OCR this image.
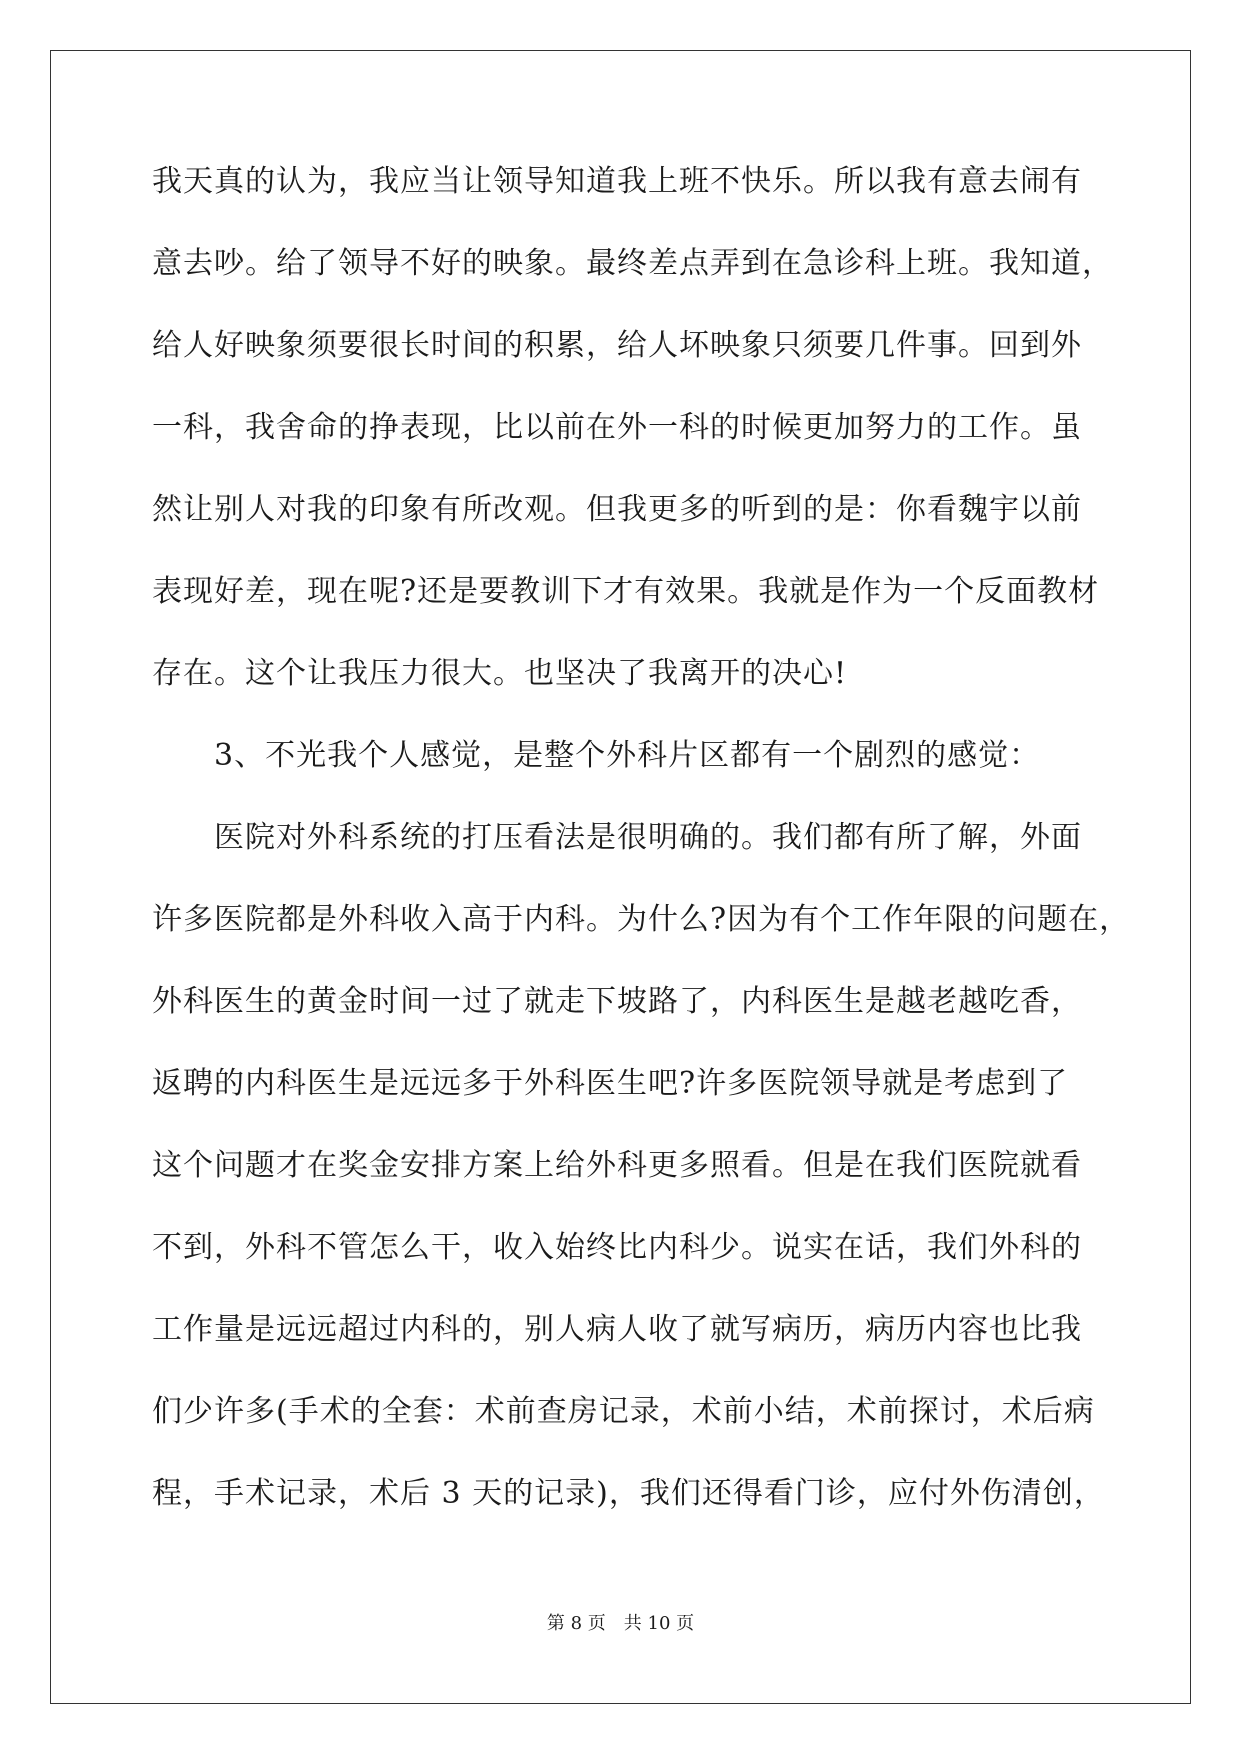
我天真的认为，我应当让领导知道我上班不快乐。所以我有意去闹有
意去吵。给了领导不好的映象。最终差点弄到在急诊科上班。我知道，
给人好映象须要很长时间的积累，给人坏映象只须要几件事。回到外
一科，我舍命的挣表现，比以前在外一科的时候更加努力的工作。虽
然让别人对我的印象有所改观。但我更多的听到的是：你看魏宇以前
表现好差，现在呢?还是要教训下才有效果。我就是作为一个反面教材
存在。这个让我压力很大。也坚决了我离开的决心!
3、不光我个人感觉，是整个外科片区都有一个剧烈的感觉：
医院对外科系统的打压看法是很明确的。我们都有所了解，外面
许多医院都是外科收入高于内科。为什么?因为有个工作年限的问题在，
外科医生的黄金时间一过了就走下坡路了，内科医生是越老越吃香，
返聘的内科医生是远远多于外科医生吧?许多医院领导就是考虑到了
这个问题才在奖金安排方案上给外科更多照看。但是在我们医院就看
不到，外科不管怎么干，收入始终比内科少。说实在话，我们外科的
工作量是远远超过内科的，别人病人收了就写病历，病历内容也比我
们少许多(手术的全套：术前查房记录，术前小结，术前探讨，术后病
程，手术记录，术后 3 天的记录)，我们还得看门诊，应付外伤清创，
第 8 页　共 10 页
